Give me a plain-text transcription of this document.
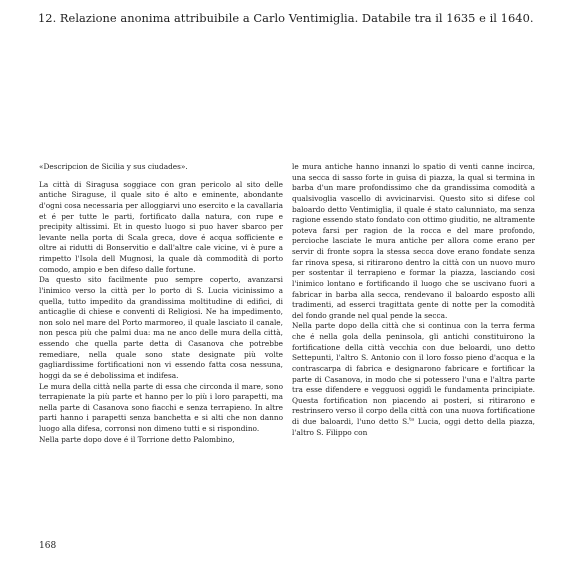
12. Relazione anonima attribuibile a Carlo Ventimiglia. Databile tra il 1635 e il 1640.

«Descripcion de Sicilia y sus ciudades».

La città di Siragusa soggiace con gran pericolo al sito delle antiche Siraguse, il quale sito é alto e eminente, abondante d'ogni cosa necessaria per alloggiarvi uno esercito e la cavallaria et é per tutte le parti, fortificato dalla natura, con rupe e precipity altissimi. Et in questo luogo si puo haver sbarco per levante nella porta di Scala greca, dove é acqua sofficiente e oltre ai ridutti di Bonservitio e dall'altre cale vicine, vi è pure a rimpetto l'Isola dell Mugnosi, la quale dà commodità di porto comodo, ampio e ben difeso dalle fortune.

Da questo sito facilmente puo sempre coperto, avanzarsi l'inimico verso la città per lo porto di S. Lucia vicinissimo a quella, tutto impedito da grandissima moltitudine di edifici, di anticaglie di chiese e conventi di Religiosi. Ne ha impedimento, non solo nel mare del Porto marmoreo, il quale lasciato il canale, non pesca più che palmi dua: ma ne anco delle mura della città, essendo che quella parte detta di Casanova che potrebbe remediare, nella quale sono state designate più volte gagliardissime fortificationi non vi essendo fatta cosa nessuna, hoggi da se é debolissima et indifesa.

Le mura della città nella parte di essa che circonda il mare, sono terrapienate la più parte et hanno per lo più i loro parapetti, ma nella parte di Casanova sono fiacchi e senza terrapieno. In altre parti hanno i parapetti senza banchetta e si alti che non danno luogo alla difesa, corronsi non dimeno tutti e si rispondino.

Nella parte dopo dove é il Torrione detto Palombino,

le mura antiche hanno innanzi lo spatio di venti canne incirca, una secca di sasso forte in guisa di piazza, la qual si termina in barba d'un mare profondissimo che da grandissima comodità a qualsivoglia vascello di avvicinarvisi. Questo sito si difese col baloardo detto Ventimiglia, il quale é stato calunniato, ma senza ragione essendo stato fondato con ottimo giuditio, ne altramente poteva farsi per ragion de la rocca e del mare profondo, percioche lasciate le mura antiche per allora come erano per servir di fronte sopra la stessa secca dove erano fondate senza far rinova spesa, si ritirarono dentro la città con un nuovo muro per sostentar il terrapieno e formar la piazza, lasciando cosi l'inimico lontano e fortificando il luogo che se uscivano fuori a fabricar in barba alla secca, rendevano il baloardo esposto alli tradimenti, ad esserci tragittata gente di notte per la comodità del fondo grande nel qual pende la secca.

Nella parte dopo della città che si continua con la terra ferma che é nella gola della peninsola, gli antichi constituirono la fortificatione della città vecchia con due beloardi, uno detto Settepunti, l'altro S. Antonio con il loro fosso pieno d'acqua e la contrascarpa di fabrica e designarono fabricare e fortificar la parte di Casanova, in modo che si potessero l'una e l'altra parte tra esse difendere e vegguosi oggidì le fundamenta principiate. Questa fortification non piacendo ai posteri, si ritirarono e restrinsero verso il corpo della città con una nuova fortificatione di due baloardi, l'uno detto S.$^{ta}$ Lucia, oggi detto della piazza, l'altro S. Filippo con

168
